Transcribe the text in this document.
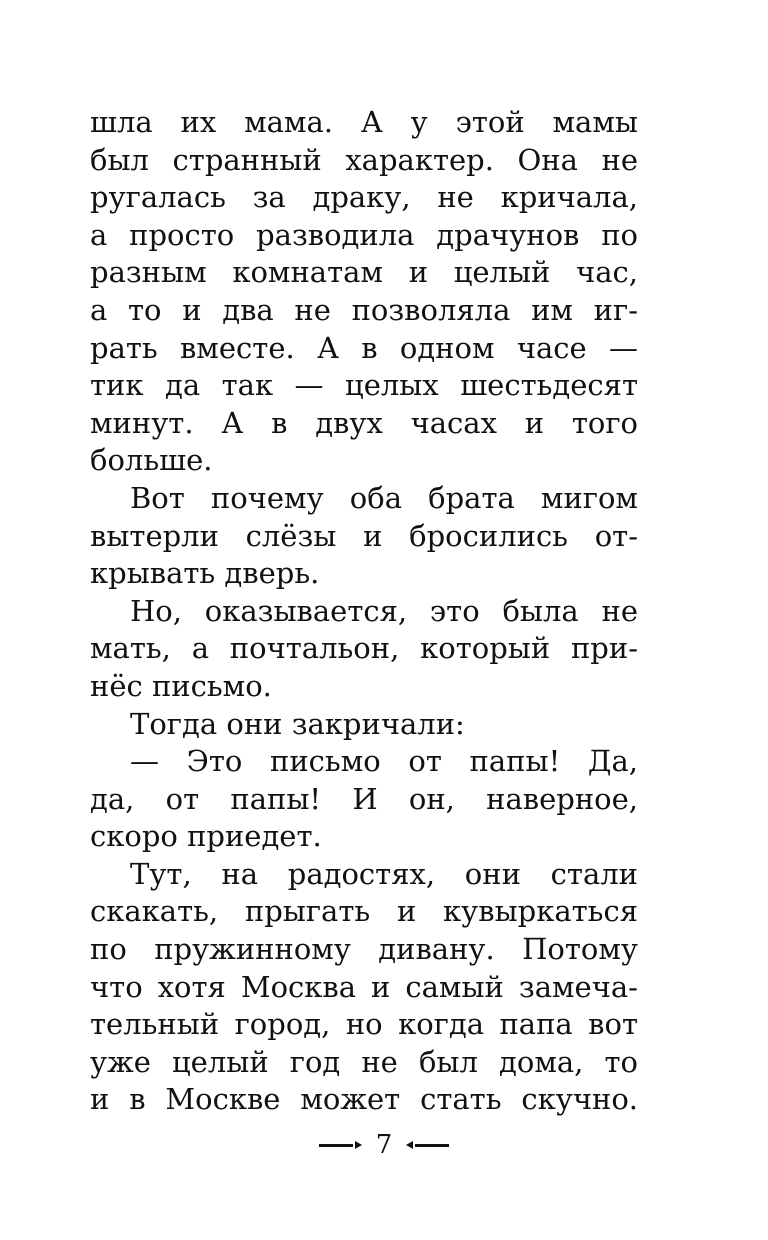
шла их мама. А у этой мамы
был странный характер. Она не
ругалась за драку, не кричала,
а просто разводила драчунов по
разным комнатам и целый час,
а то и два не позволяла им иг-
рать вместе. А в одном часе —
тик да так — целых шестьдесят
минут. А в двух часах и того
больше.
Вот почему оба брата мигом
вытерли слёзы и бросились от-
крывать дверь.
Но, оказывается, это была не
мать, а почтальон, который при-
нёс письмо.
Тогда они закричали:
— Это письмо от папы! Да,
да, от папы! И он, наверное,
скоро приедет.
Тут, на радостях, они стали
скакать, прыгать и кувыркаться
по пружинному дивану. Потому
что хотя Москва и самый замеча-
тельный город, но когда папа вот
уже целый год не был дома, то
и в Москве может стать скучно.
7
